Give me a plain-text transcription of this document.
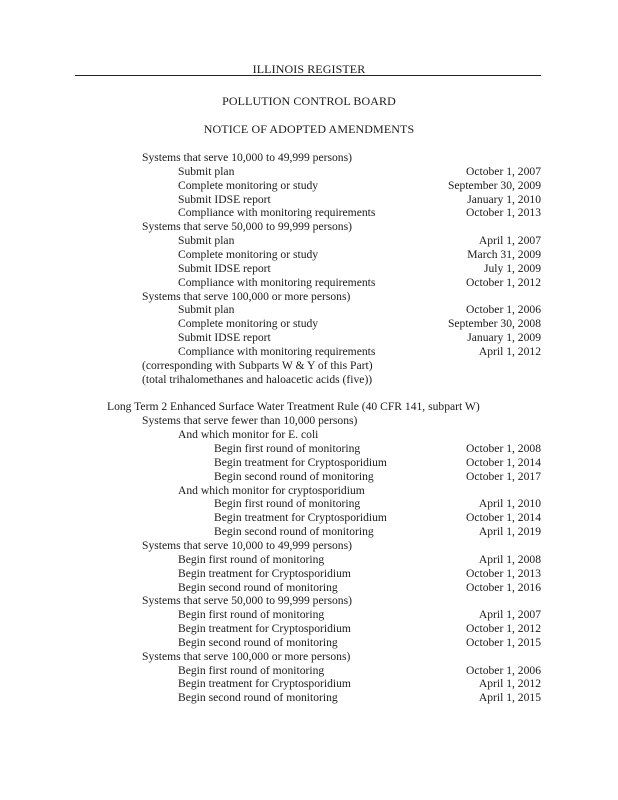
ILLINOIS REGISTER
POLLUTION CONTROL BOARD
NOTICE OF ADOPTED AMENDMENTS
Systems that serve 10,000 to 49,999 persons)
Submit plan	October 1, 2007
Complete monitoring or study	September 30, 2009
Submit IDSE report	January 1, 2010
Compliance with monitoring requirements	October 1, 2013
Systems that serve 50,000 to 99,999 persons)
Submit plan	April 1, 2007
Complete monitoring or study	March 31, 2009
Submit IDSE report	July 1, 2009
Compliance with monitoring requirements	October 1, 2012
Systems that serve 100,000 or more persons)
Submit plan	October 1, 2006
Complete monitoring or study	September 30, 2008
Submit IDSE report	January 1, 2009
Compliance with monitoring requirements	April 1, 2012
(corresponding with Subparts W & Y of this Part)
(total trihalomethanes and haloacetic acids (five))
Long Term 2 Enhanced Surface Water Treatment Rule (40 CFR 141, subpart W)
Systems that serve fewer than 10,000 persons)
And which monitor for E. coli
Begin first round of monitoring	October 1, 2008
Begin treatment for Cryptosporidium	October 1, 2014
Begin second round of monitoring	October 1, 2017
And which monitor for cryptosporidium
Begin first round of monitoring	April 1, 2010
Begin treatment for Cryptosporidium	October 1, 2014
Begin second round of monitoring	April 1, 2019
Systems that serve 10,000 to 49,999 persons)
Begin first round of monitoring	April 1, 2008
Begin treatment for Cryptosporidium	October 1, 2013
Begin second round of monitoring	October 1, 2016
Systems that serve 50,000 to 99,999 persons)
Begin first round of monitoring	April 1, 2007
Begin treatment for Cryptosporidium	October 1, 2012
Begin second round of monitoring	October 1, 2015
Systems that serve 100,000 or more persons)
Begin first round of monitoring	October 1, 2006
Begin treatment for Cryptosporidium	April 1, 2012
Begin second round of monitoring	April 1, 2015
